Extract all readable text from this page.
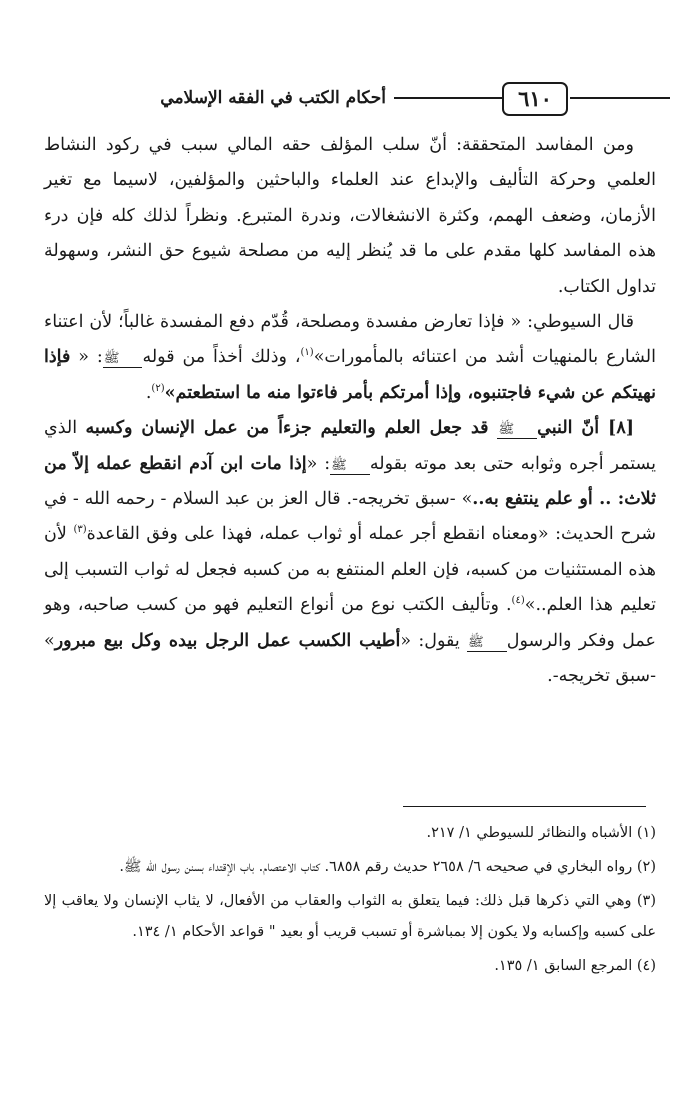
٦١٠
أحكام الكتب في الفقه الإسلامي

ومن المفاسد المتحققة: أنّ سلب المؤلف حقه المالي سبب في ركود النشاط العلمي وحركة التأليف والإبداع عند العلماء والباحثين والمؤلفين، لاسيما مع تغير الأزمان، وضعف الهمم، وكثرة الانشغالات، وندرة المتبرع. ونظراً لذلك كله فإن درء هذه المفاسد كلها مقدم على ما قد يُنظر إليه من مصلحة شيوع حق النشر، وسهولة تداول الكتاب.

قال السيوطي: « فإذا تعارض مفسدة ومصلحة، قُدّم دفع المفسدة غالباً؛ لأن اعتناء الشارع بالمنهيات أشد من اعتنائه بالمأمورات»$^{(١)}$، وذلك أخذاً من قولهﷺ: « فإذا نهيتكم عن شيء فاجتنبوه، وإذا أمرتكم بأمر فاءتوا منه ما استطعتم»$^{(٢)}$.

[٨] أنّ النبيﷺ قد جعل العلم والتعليم جزءاً من عمل الإنسان وكسبه الذي يستمر أجره وثوابه حتى بعد موته بقولهﷺ: «إذا مات ابن آدم انقطع عمله إلاّ من ثلاث: .. أو علم ينتفع به..» -سبق تخريجه-. قال العز بن عبد السلام - رحمه الله - في شرح الحديث: «ومعناه انقطع أجر عمله أو ثواب عمله، فهذا على وفق القاعدة$^{(٣)}$ لأن هذه المستثنيات من كسبه، فإن العلم المنتفع به من كسبه فجعل له ثواب التسبب إلى تعليم هذا العلم..»$^{(٤)}$. وتأليف الكتب نوع من أنواع التعليم فهو من كسب صاحبه، وهو عمل وفكر والرسولﷺ يقول: «أطيب الكسب عمل الرجل بيده وكل بيع مبرور» -سبق تخريجه-.

(١) الأشباه والنظائر للسيوطي ١/ ٢١٧.

(٢) رواه البخاري في صحيحه ٦/ ٢٦٥٨ حديث رقم ٦٨٥٨. كتاب الاعتصام. باب الإقتداء بسنن رسول الله ﷺ.

(٣) وهي التي ذكرها قبل ذلك: فيما يتعلق به الثواب والعقاب من الأفعال، لا يثاب الإنسان ولا يعاقب إلا على كسبه وإكسابه ولا يكون إلا بمباشرة أو تسبب قريب أو بعيد " قواعد الأحكام ١/ ١٣٤.

(٤) المرجع السابق ١/ ١٣٥.
